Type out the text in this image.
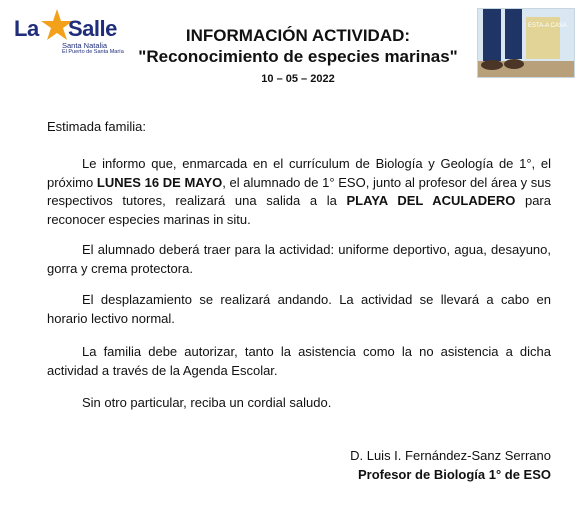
La Salle
Santa Natalia
El Puerto de Santa María
INFORMACIÓN ACTIVIDAD:
"Reconocimiento de especies marinas"
10 – 05 – 2022
ESTA-A CASA

Estimada familia:

Le informo que, enmarcada en el currículum de Biología y Geología de 1°, el próximo LUNES 16 DE MAYO, el alumnado de 1° ESO, junto al profesor del área y sus respectivos tutores, realizará una salida a la PLAYA DEL ACULADERO para reconocer especies marinas in situ.

El alumnado deberá traer para la actividad: uniforme deportivo, agua, desayuno, gorra y crema protectora.

El desplazamiento se realizará andando. La actividad se llevará a cabo en horario lectivo normal.

La familia debe autorizar, tanto la asistencia como la no asistencia a dicha actividad a través de la Agenda Escolar.

Sin otro particular, reciba un cordial saludo.

D. Luis I. Fernández-Sanz Serrano
Profesor de Biología 1° de ESO
